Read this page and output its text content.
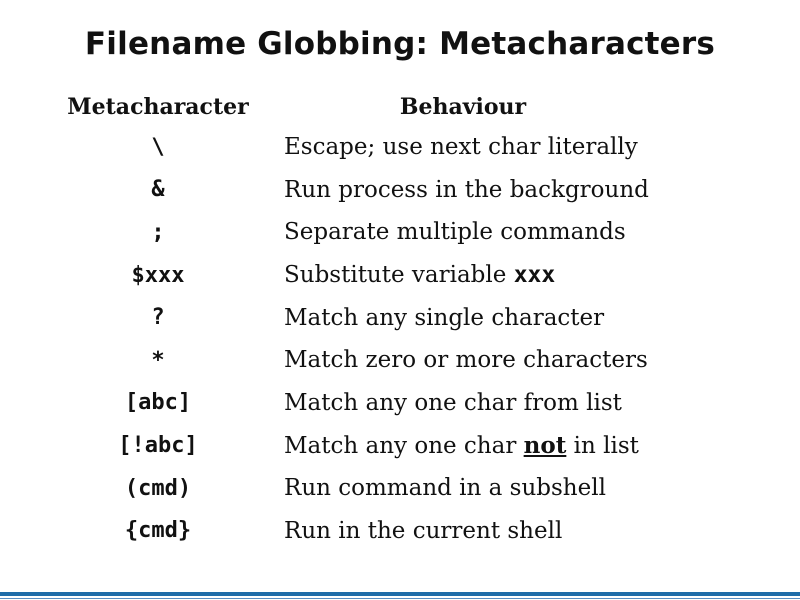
Filename Globbing: Metacharacters
Metacharacter	Behaviour
\	Escape; use next char literally
&	Run process in the background
;	Separate multiple commands
$xxx	Substitute variable xxx
?	Match any single character
*	Match zero or more characters
[abc]	Match any one char from list
[!abc]	Match any one char not in list
(cmd)	Run command in a subshell
{cmd}	Run in the current shell
